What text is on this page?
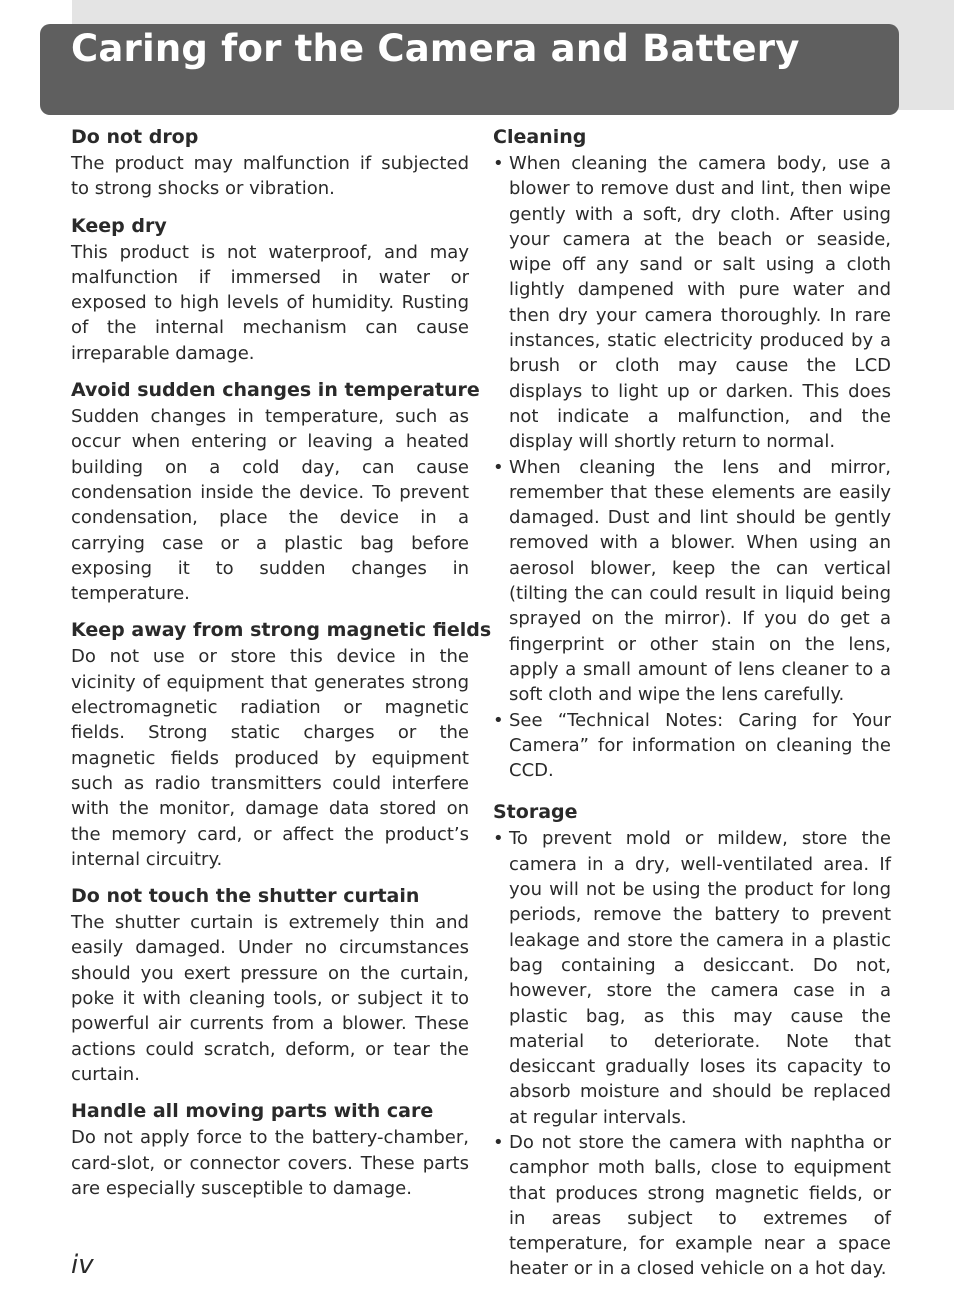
Caring for the Camera and Battery
Do not drop

The product may malfunction if subjected to strong shocks or vibration.

Keep dry

This product is not waterproof, and may malfunction if immersed in water or exposed to high levels of humidity. Rusting of the internal mechanism can cause irreparable damage.

Avoid sudden changes in temperature

Sudden changes in temperature, such as occur when entering or leaving a heated building on a cold day, can cause condensation inside the device. To prevent condensation, place the device in a carrying case or a plastic bag before exposing it to sudden changes in temperature.

Keep away from strong magnetic fields

Do not use or store this device in the vicinity of equipment that generates strong electromagnetic radiation or magnetic fields. Strong static charges or the magnetic fields produced by equipment such as radio transmitters could interfere with the monitor, damage data stored on the memory card, or affect the product’s internal circuitry.

Do not touch the shutter curtain

The shutter curtain is extremely thin and easily damaged. Under no circumstances should you exert pressure on the curtain, poke it with cleaning tools, or subject it to powerful air currents from a blower. These actions could scratch, deform, or tear the curtain.

Handle all moving parts with care

Do not apply force to the battery-chamber, card-slot, or connector covers. These parts are especially susceptible to damage.

Cleaning
• When cleaning the camera body, use a blower to remove dust and lint, then wipe gently with a soft, dry cloth. After using your camera at the beach or seaside, wipe off any sand or salt using a cloth lightly dampened with pure water and then dry your camera thoroughly. In rare instances, static electricity produced by a brush or cloth may cause the LCD displays to light up or darken. This does not indicate a malfunction, and the display will shortly return to normal.
• When cleaning the lens and mirror, remember that these elements are easily damaged. Dust and lint should be gently removed with a blower. When using an aerosol blower, keep the can vertical (tilting the can could result in liquid being sprayed on the mirror). If you do get a fingerprint or other stain on the lens, apply a small amount of lens cleaner to a soft cloth and wipe the lens carefully.
• See “Technical Notes: Caring for Your Camera” for information on cleaning the CCD.
Storage
• To prevent mold or mildew, store the camera in a dry, well-ventilated area. If you will not be using the product for long periods, remove the battery to prevent leakage and store the camera in a plastic bag containing a desiccant. Do not, however, store the camera case in a plastic bag, as this may cause the material to deteriorate. Note that desiccant gradually loses its capacity to absorb moisture and should be replaced at regular intervals.
• Do not store the camera with naphtha or camphor moth balls, close to equipment that produces strong magnetic fields, or in areas subject to extremes of temperature, for example near a space heater or in a closed vehicle on a hot day.

iv
